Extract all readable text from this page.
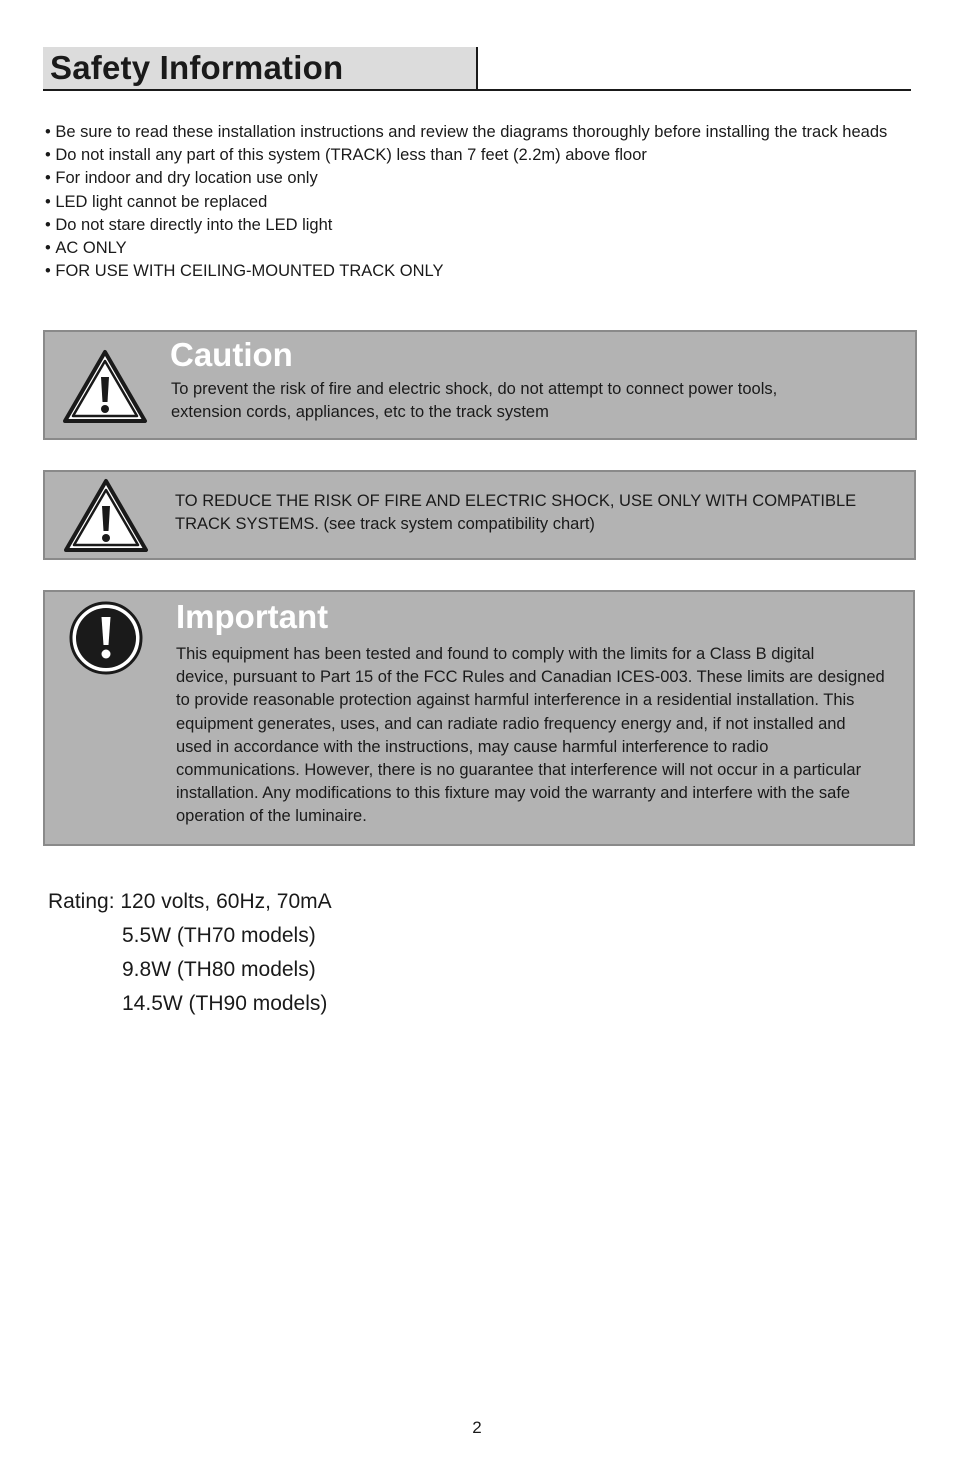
Safety Information
• Be sure to read these installation instructions and review the diagrams thoroughly before installing the track heads
• Do not install any part of this system (TRACK) less than 7 feet (2.2m) above floor
• For indoor and dry location use only
• LED light cannot be replaced
• Do not stare directly into the LED light
• AC ONLY
• FOR USE WITH CEILING-MOUNTED TRACK ONLY
Caution
To prevent the risk of fire and electric shock, do not attempt to connect power tools,
extension cords, appliances, etc to the track system
TO REDUCE THE RISK OF FIRE AND ELECTRIC SHOCK, USE ONLY WITH COMPATIBLE
TRACK SYSTEMS. (see track system compatibility chart)
Important
This equipment has been tested and found to comply with the limits for a Class B digital
device, pursuant to Part 15 of the FCC Rules and Canadian ICES-003. These limits are designed
to provide reasonable protection against harmful interference in a residential installation. This
equipment generates, uses, and can radiate radio frequency energy and, if not installed and
used in accordance with the instructions, may cause harmful interference to radio
communications. However, there is no guarantee that interference will not occur in a particular
installation. Any modifications to this fixture may void the warranty and interfere with the safe
operation of the luminaire.
Rating: 120 volts, 60Hz, 70mA
5.5W (TH70 models)
9.8W (TH80 models)
14.5W (TH90 models)
2
